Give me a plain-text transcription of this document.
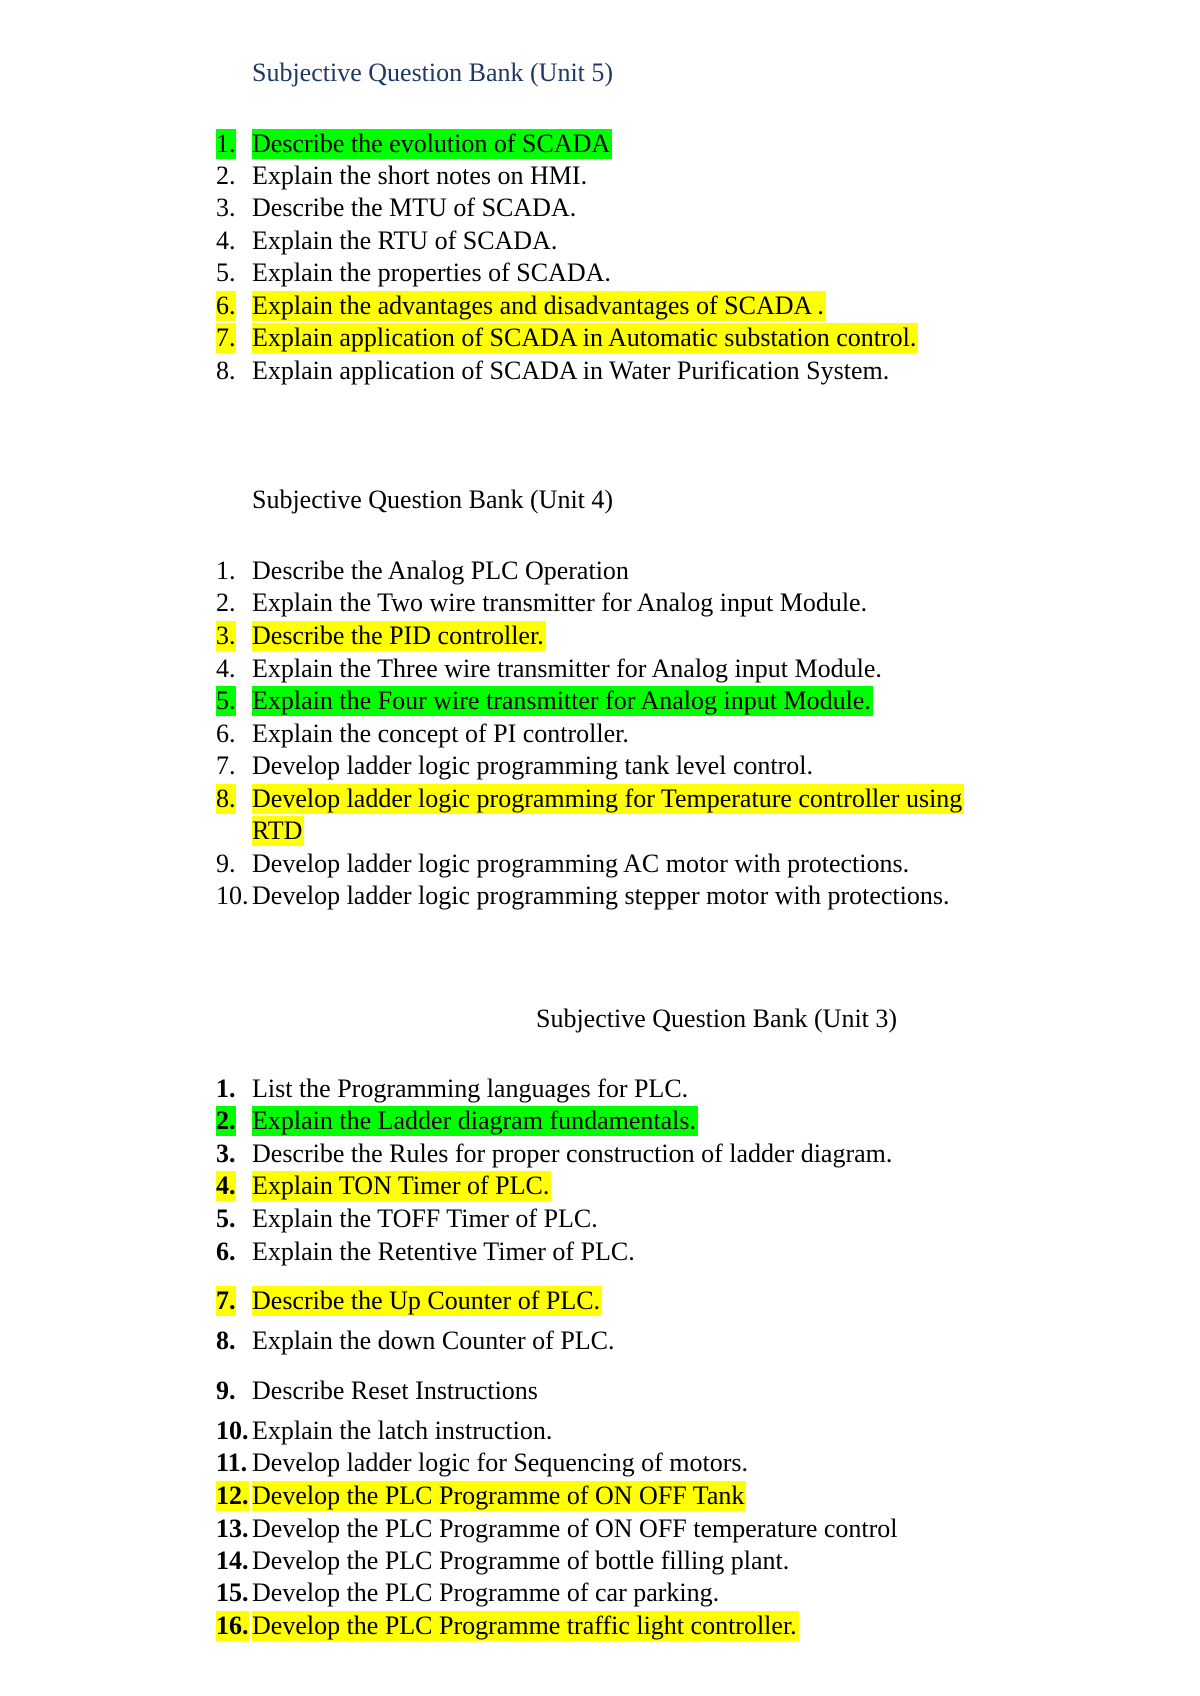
Subjective Question Bank (Unit 5)
1. Describe the evolution of SCADA
2. Explain the short notes on HMI.
3. Describe the MTU of SCADA.
4. Explain the RTU of SCADA.
5. Explain the properties of SCADA.
6. Explain the advantages and disadvantages of SCADA .
7. Explain application of SCADA in Automatic substation control.
8. Explain application of SCADA in Water Purification System.
Subjective Question Bank (Unit 4)
1. Describe the Analog PLC Operation
2. Explain the Two wire transmitter for Analog input Module.
3. Describe the PID controller.
4. Explain the Three wire transmitter for Analog input Module.
5. Explain the Four wire transmitter for Analog input Module.
6. Explain the concept of PI controller.
7. Develop ladder logic programming tank level control.
8. Develop ladder logic programming for Temperature controller using
RTD
9. Develop ladder logic programming AC motor with protections.
10. Develop ladder logic programming stepper motor with protections.
Subjective Question Bank (Unit 3)
1. List the Programming languages for PLC.
2. Explain the Ladder diagram fundamentals.
3. Describe the Rules for proper construction of ladder diagram.
4. Explain TON Timer of PLC.
5. Explain the TOFF Timer of PLC.
6. Explain the Retentive Timer of PLC.
7. Describe the Up Counter of PLC.
8. Explain the down Counter of PLC.
9. Describe Reset Instructions
10. Explain the latch instruction.
11. Develop ladder logic for Sequencing of motors.
12. Develop the PLC Programme of ON OFF Tank
13. Develop the PLC Programme of ON OFF temperature control
14. Develop the PLC Programme of bottle filling plant.
15. Develop the PLC Programme of car parking.
16. Develop the PLC Programme traffic light controller.
